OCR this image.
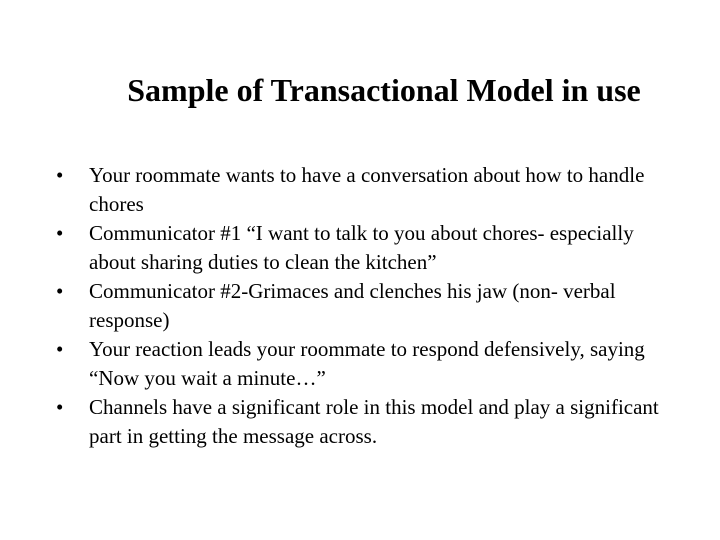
Sample of Transactional Model in use
•	Your roommate wants to have a conversation about how to handle chores
•	Communicator #1 “I want to talk to you about chores- especially about sharing duties to clean the kitchen”
•	Communicator #2-Grimaces and clenches his jaw (non- verbal response)
•	Your reaction leads your roommate to respond defensively, saying “Now you wait a minute…”
•	Channels have a significant role in this model and play a significant part in getting the message across.
